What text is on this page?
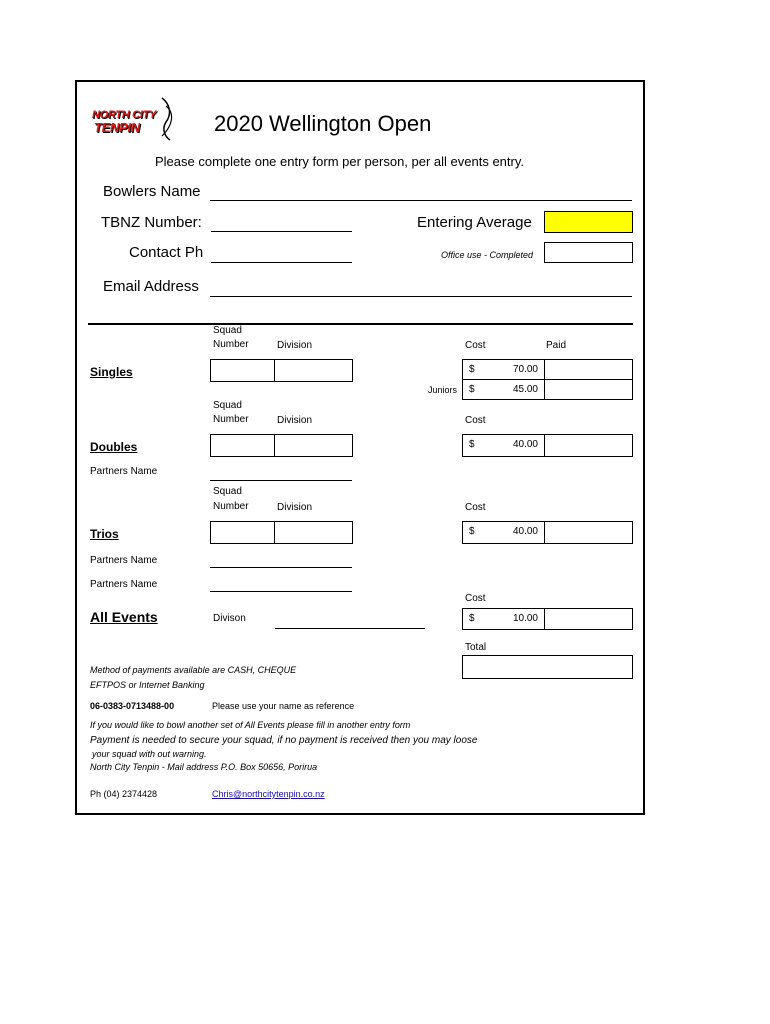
NORTH CITY
TENPIN	2020 Wellington Open
Please complete one entry form per person, per all events entry.
Bowlers Name
TBNZ Number:	Entering Average
Contact Ph	Office use - Completed
Email Address
Squad
Number	Division	Cost	Paid
Singles	$	70.00
Juniors $	45.00
Squad
Number	Division	Cost
Doubles	$	40.00
Partners Name
Squad
Number	Division	Cost
Trios	$	40.00
Partners Name
Partners Name
Cost
All Events	Divison	$	10.00
Total
Method of payments available are CASH, CHEQUE
EFTPOS or Internet Banking
06-0383-0713488-00	Please use your name as reference
If you would like to bowl another set of All Events please fill in another entry form
Payment is needed to secure your squad, if no payment is received then you may loose
your squad with out warning.
North City Tenpin - Mail address P.O. Box 50656, Porirua
Ph (04) 2374428	Chris@northcitytenpin.co.nz
